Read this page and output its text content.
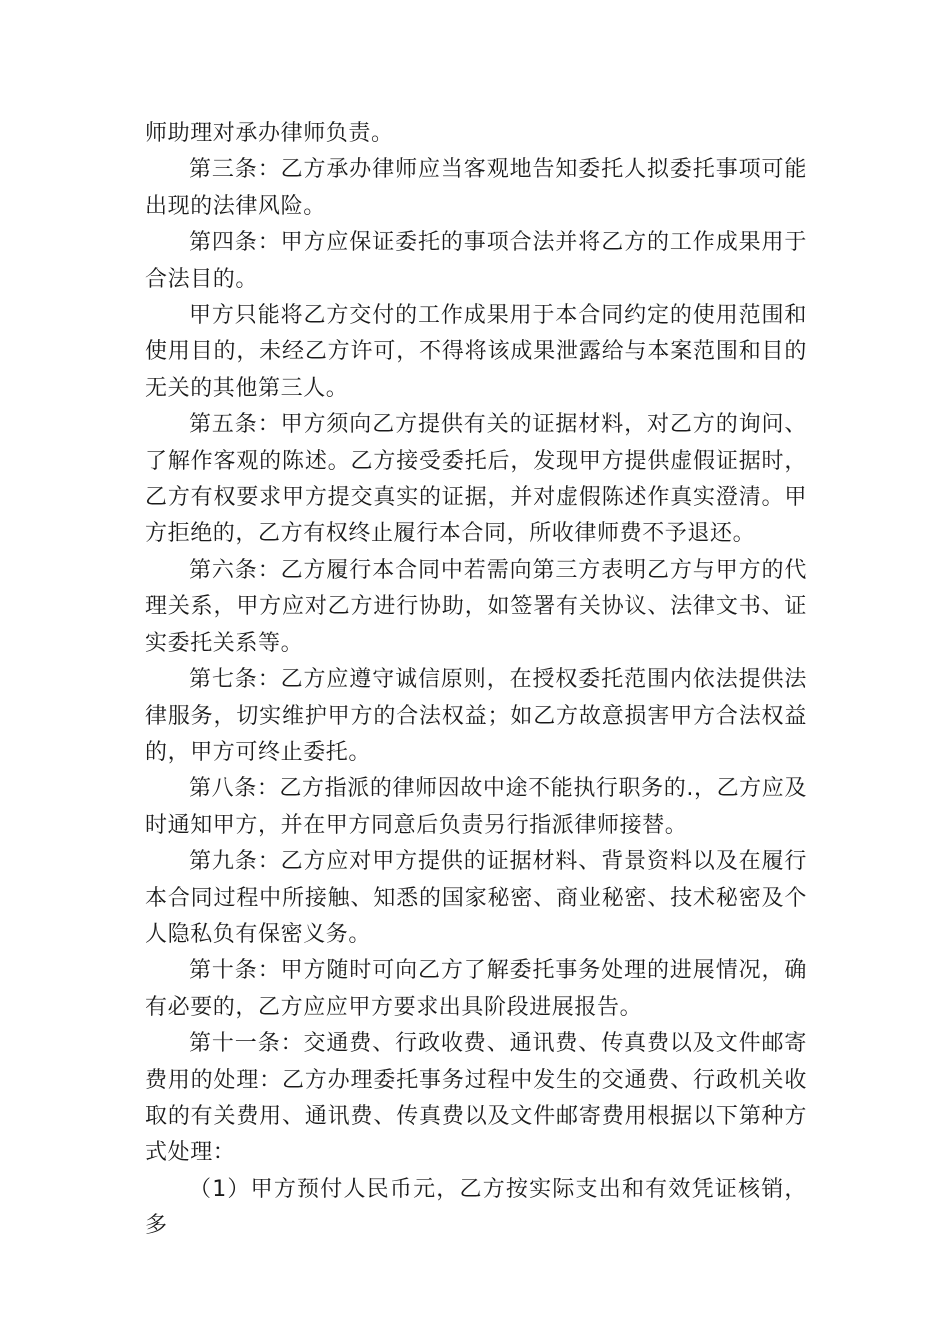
师助理对承办律师负责。

第三条：乙方承办律师应当客观地告知委托人拟委托事项可能出现的法律风险。

第四条：甲方应保证委托的事项合法并将乙方的工作成果用于合法目的。

甲方只能将乙方交付的工作成果用于本合同约定的使用范围和使用目的，未经乙方许可，不得将该成果泄露给与本案范围和目的无关的其他第三人。

第五条：甲方须向乙方提供有关的证据材料，对乙方的询问、了解作客观的陈述。乙方接受委托后，发现甲方提供虚假证据时，乙方有权要求甲方提交真实的证据，并对虚假陈述作真实澄清。甲方拒绝的，乙方有权终止履行本合同，所收律师费不予退还。

第六条：乙方履行本合同中若需向第三方表明乙方与甲方的代理关系，甲方应对乙方进行协助，如签署有关协议、法律文书、证实委托关系等。

第七条：乙方应遵守诚信原则，在授权委托范围内依法提供法律服务，切实维护甲方的合法权益；如乙方故意损害甲方合法权益的，甲方可终止委托。

第八条：乙方指派的律师因故中途不能执行职务的.，乙方应及时通知甲方，并在甲方同意后负责另行指派律师接替。

第九条：乙方应对甲方提供的证据材料、背景资料以及在履行本合同过程中所接触、知悉的国家秘密、商业秘密、技术秘密及个人隐私负有保密义务。

第十条：甲方随时可向乙方了解委托事务处理的进展情况，确有必要的，乙方应应甲方要求出具阶段进展报告。

第十一条：交通费、行政收费、通讯费、传真费以及文件邮寄费用的处理：乙方办理委托事务过程中发生的交通费、行政机关收取的有关费用、通讯费、传真费以及文件邮寄费用根据以下第种方式处理：

（1）甲方预付人民币元，乙方按实际支出和有效凭证核销，多
